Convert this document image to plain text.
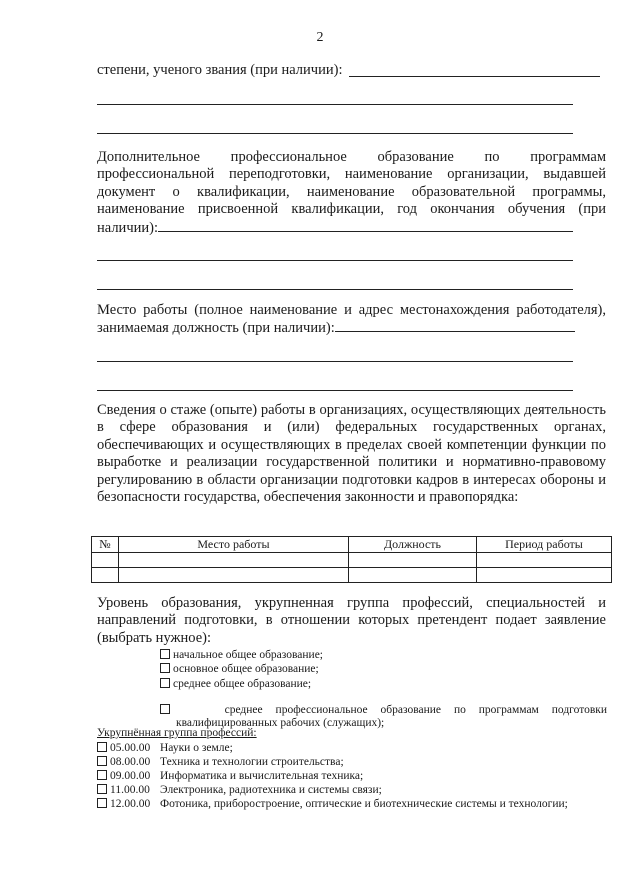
2
степени, ученого звания (при наличии):
Дополнительное профессиональное образование по программам профессиональной переподготовки, наименование организации, выдавшей документ о квалификации, наименование образовательной программы, наименование присвоенной квалификации, год окончания обучения (при наличии):
Место работы (полное наименование и адрес местонахождения работодателя), занимаемая должность (при наличии):
Сведения о стаже (опыте) работы в организациях, осуществляющих деятельность в сфере образования и (или) федеральных государственных органах, обеспечивающих и осуществляющих в пределах своей компетенции функции по выработке и реализации государственной политики и нормативно-правовому регулированию в области организации подготовки кадров в интересах обороны и безопасности государства, обеспечения законности и правопорядка:
№	Место работы	Должность	Период работы

Уровень образования, укрупненная группа профессий, специальностей и направлений подготовки, в отношении которых претендент подает заявление (выбрать нужное):
начальное общее образование;
основное общее образование;
среднее общее образование;
среднее профессиональное образование по программам подготовки
квалифицированных рабочих (служащих);
Укрупнённая группа профессий:
05.00.00 Науки о земле;
08.00.00 Техника и технологии строительства;
09.00.00 Информатика и вычислительная техника;
11.00.00 Электроника, радиотехника и системы связи;
12.00.00 Фотоника, приборостроение, оптические и биотехнические системы и технологии;
